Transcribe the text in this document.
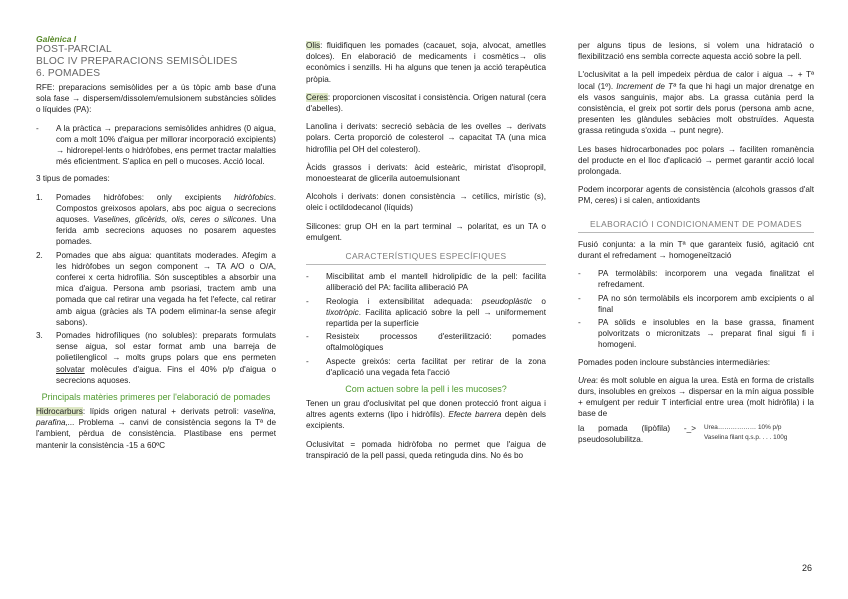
Galènica I
POST-PARCIAL
BLOC IV PREPARACIONS SEMISÒLIDES
6. POMADES

RFE: preparacions semisòlides per a ús tòpic amb base d'una sola fase → dispersem/dissolem/emulsionem substàncies sòlides o líquides (PA):

- A la pràctica → preparacions semisòlides anhidres (0 aigua, com a molt 10% d'aigua per millorar incorporació excipients) → hidrorepel·lents o hidròfobes, ens permet tractar malalties més eficientment. S'aplica en pell o mucoses. Acció local.

3 tipus de pomades:

1. Pomades hidròfobes: only excipients hidròfobics. Compostos greixosos apolars, abs poc aigua o secrecions aquoses. Vaselines, glicèrids, olis, ceres o silicones. Una ferida amb secrecions aquoses no posarem aquestes pomades.
2. Pomades que abs aigua: quantitats moderades. Afegim a les hidròfobes un segon component → TA A/O o O/A, conferei x certa hidrofília. Són susceptibles a absorbir una mica d'aigua. Persona amb psoriasi, tractem amb una pomada que cal retirar una vegada ha fet l'efecte, cal retirar amb aigua (gràcies als TA podem eliminar-la sense afegir sabons).
3. Pomades hidrofíliques (no solubles): preparats formulats sense aigua, sol estar format amb una barreja de polietilenglicol → molts grups polars que ens permeten solvatar molècules d'aigua. Fins el 40% p/p d'aigua o secrecions aquoses.
Principals matèries primeres per l'elaboració de pomades

Hidrocarburs: lípids origen natural + derivats petroli: vaselina, parafina,... Problema → canvi de consistència segons la Tª de l'ambient, pèrdua de consistència. Plastibase ens permet mantenir la consistència -15 a 60ºC

Olis: fluidifiquen les pomades (cacauet, soja, alvocat, ametlles dolces). En elaboració de medicaments i cosmètics→ olis econòmics i senzills. Hi ha alguns que tenen ja acció terapèutica pròpia.

Ceres: proporcionen viscositat i consistència. Origen natural (cera d'abelles).

Lanolina i derivats: secreció sebàcia de les ovelles → derivats polars. Certa proporció de colesterol → capacitat TA (una mica hidrofília pel OH del colesterol).

Àcids grassos i derivats: àcid esteàric, miristat d'isopropil, monoestearat de glicerila autoemulsionant

Alcohols i derivats: donen consistència → cetílics, mirístic (s), oleic i octildodecanol (líquids)

Silicones: grup OH en la part terminal → polaritat, es un TA o emulgent.

CARACTERÍSTIQUES ESPECÍFIQUES
- Miscibilitat amb el mantell hidrolipídic de la pell: facilita alliberació del PA: facilita alliberació PA
- Reologia i extensibilitat adequada: pseudoplàstic o tixotròpic. Facilita aplicació sobre la pell → uniformement repartida per la superfície
- Resisteix processos d'esterilització: pomades oftalmològiques
- Aspecte greixós: certa facilitat per retirar de la zona d'aplicació una vegada feta l'acció
Com actuen sobre la pell i les mucoses?

Tenen un grau d'oclusivitat pel que donen protecció front aigua i altres agents externs (lipo i hidròfils). Efecte barrera depèn dels excipients.

Oclusivitat = pomada hidròfoba no permet que l'aigua de transpiració de la pell passi, queda retinguda dins. No és bo

per alguns tipus de lesions, si volem una hidratació o flexibilització ens sembla correcte aquesta acció sobre la pell.

L'oclusivitat a la pell impedeix pèrdua de calor i aigua → + Tª local (1º). Increment de Tª fa que hi hagi un major drenatge en els vasos sanguinis, major abs. La grassa cutània perd la consistència, el greix pot sortir dels porus (persona amb acne, presenten les glàndules sebàcies molt obstruïdes. Aquesta grassa retinguda s'oxida → punt negre).

Les bases hidrocarbonades poc polars → faciliten romanència del producte en el lloc d'aplicació → permet garantir acció local prolongada.

Podem incorporar agents de consistència (alcohols grassos d'alt PM, ceres) i si calen, antioxidants

ELABORACIÓ I CONDICIONAMENT DE POMADES

Fusió conjunta: a la min Tª que garanteix fusió, agitació cnt durant el refredament → homogeneïtzació

- PA termolàbils: incorporem una vegada finalitzat el refredament.
- PA no són termolàbils els incorporem amb excipients o al final
- PA sòlids e insolubles en la base grassa, finament polvoritzats o micronitzats → preparat final sigui fi i homogeni.

Pomades poden incloure substàncies intermediàries:

Urea: és molt soluble en aigua la urea. Està en forma de cristalls durs, insolubles en greixos → dispersar en la mín aigua possible + emulgent per reduir T interficial entre urea (molt hidròfila) i la base de

la pomada (lipòfila) -_> pseudosolubilitza.
Urea……………… 10% p/p
Vaselina filant q.s.p. . . . 100g
26
